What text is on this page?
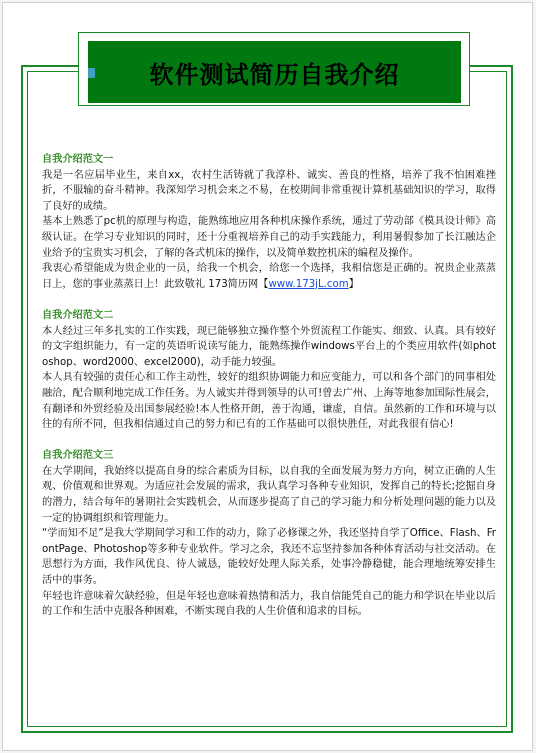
软件测试简历自我介绍

自我介绍范文一

我是一名应届毕业生，来自xx，农村生活铸就了我淳朴、诚实、善良的性格，培养了我不怕困难挫折，不服输的奋斗精神。我深知学习机会来之不易，在校期间非常重视计算机基础知识的学习，取得了良好的成绩。

基本上熟悉了pc机的原理与构造，能熟练地应用各种机床操作系统，通过了劳动部《模具设计师》高级认证。在学习专业知识的同时，还十分重视培养自己的动手实践能力，利用暑假参加了长江融达企业给予的宝贵实习机会，了解的各式机床的操作，以及简单数控机床的编程及操作。

我衷心希望能成为贵企业的一员，给我一个机会，给您一个选择，我相信您是正确的。祝贵企业蒸蒸日上，您的事业蒸蒸日上！此致敬礼 173简历网【www.173jL.com】

自我介绍范文二

本人经过三年多扎实的工作实践，现已能够独立操作整个外贸流程工作能实、细致、认真。具有较好的文字组织能力，有一定的英语听说读写能力，能熟练操作windows平台上的个类应用软件(如photoshop、word2000、excel2000)，动手能力较强。

本人具有较强的责任心和工作主动性，较好的组织协调能力和应变能力，可以和各个部门的同事相处融洽，配合顺利地完成工作任务。为人诚实并得到领导的认可!曾去广州、上海等地参加国际性展会，有翻译和外贸经验及出国参展经验!本人性格开朗，善于沟通，谦虚，自信。虽然新的工作和环境与以往的有所不同，但我相信通过自己的努力和已有的工作基础可以很快胜任，对此我很有信心!

自我介绍范文三

在大学期间，我始终以提高自身的综合素质为目标，以自我的全面发展为努力方向，树立正确的人生观、价值观和世界观。为适应社会发展的需求，我认真学习各种专业知识，发挥自己的特长;挖掘自身的潜力，结合每年的暑期社会实践机会，从而逐步提高了自己的学习能力和分析处理问题的能力以及一定的协调组织和管理能力。

“学而知不足”是我大学期间学习和工作的动力，除了必修课之外，我还坚持自学了Office、Flash、FrontPage、Photoshop等多种专业软件。学习之余，我还不忘坚持参加各种体育活动与社交活动。在思想行为方面，我作风优良、待人诚恳，能较好处理人际关系，处事冷静稳健，能合理地统筹安排生活中的事务。

年轻也许意味着欠缺经验，但是年轻也意味着热情和活力，我自信能凭自己的能力和学识在毕业以后的工作和生活中克服各种困难，不断实现自我的人生价值和追求的目标。
